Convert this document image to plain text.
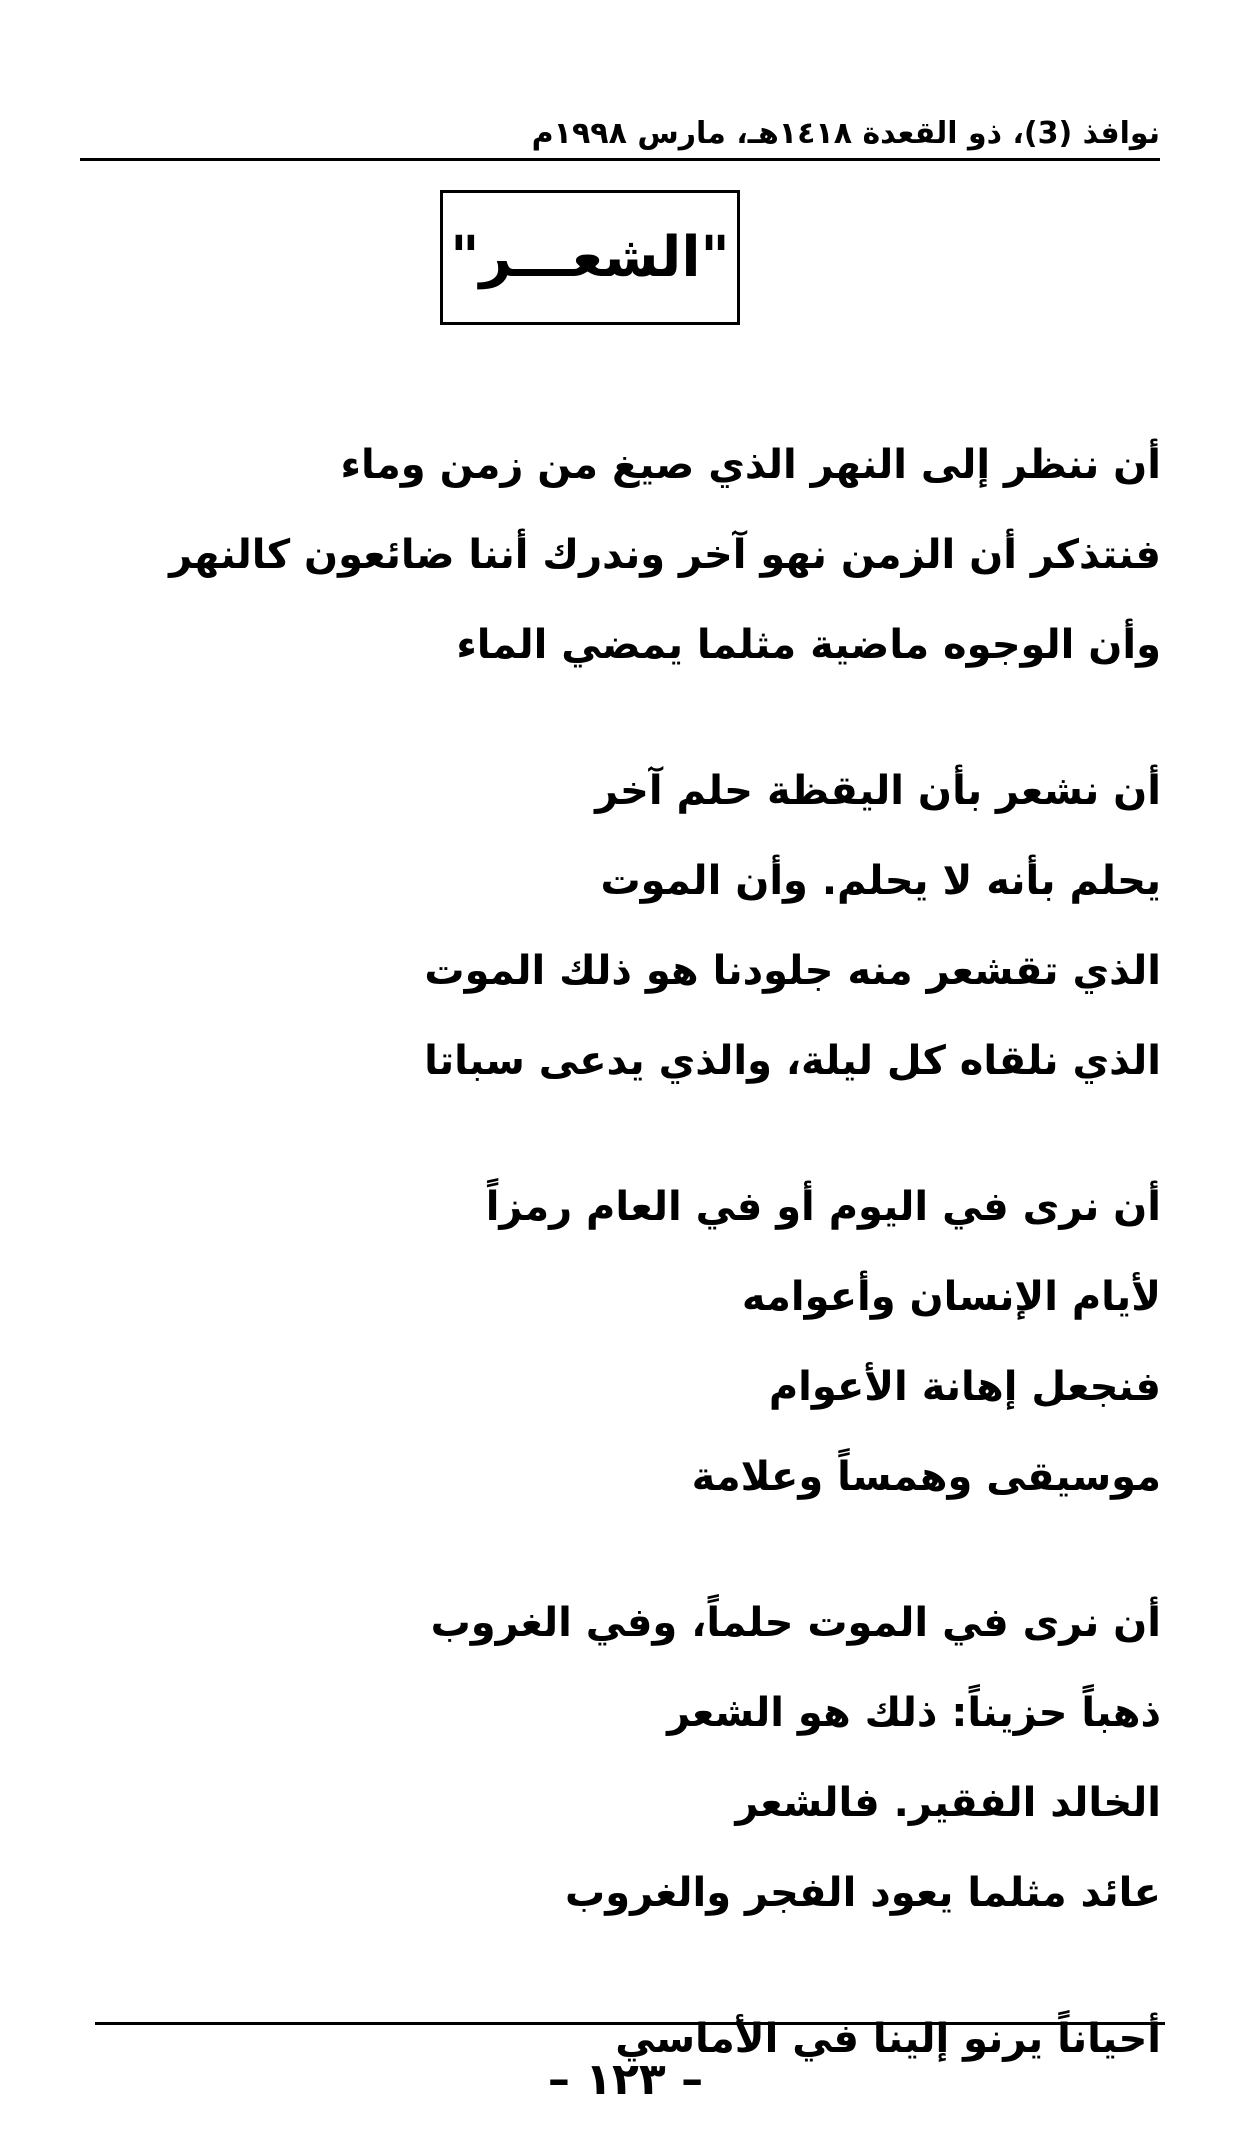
نوافذ (3)، ذو القعدة ١٤١٨هـ، مارس ١٩٩٨م
"الشعـــر"
أن ننظر إلى النهر الذي صيغ من زمن وماء
فنتذكر أن الزمن نهو آخر وندرك أننا ضائعون كالنهر
وأن الوجوه ماضية مثلما يمضي الماء
أن نشعر بأن اليقظة حلم آخر
يحلم بأنه لا يحلم. وأن الموت
الذي تقشعر منه جلودنا هو ذلك الموت
الذي نلقاه كل ليلة، والذي يدعى سباتا
أن نرى في اليوم أو في العام رمزاً
لأيام الإنسان وأعوامه
فنجعل إهانة الأعوام
موسيقى وهمساً وعلامة
أن نرى في الموت حلماً، وفي الغروب
ذهباً حزيناً: ذلك هو الشعر
الخالد الفقير. فالشعر
عائد مثلما يعود الفجر والغروب
أحياناً يرنو إلينا في الأماسي
– ١٢٣ –
